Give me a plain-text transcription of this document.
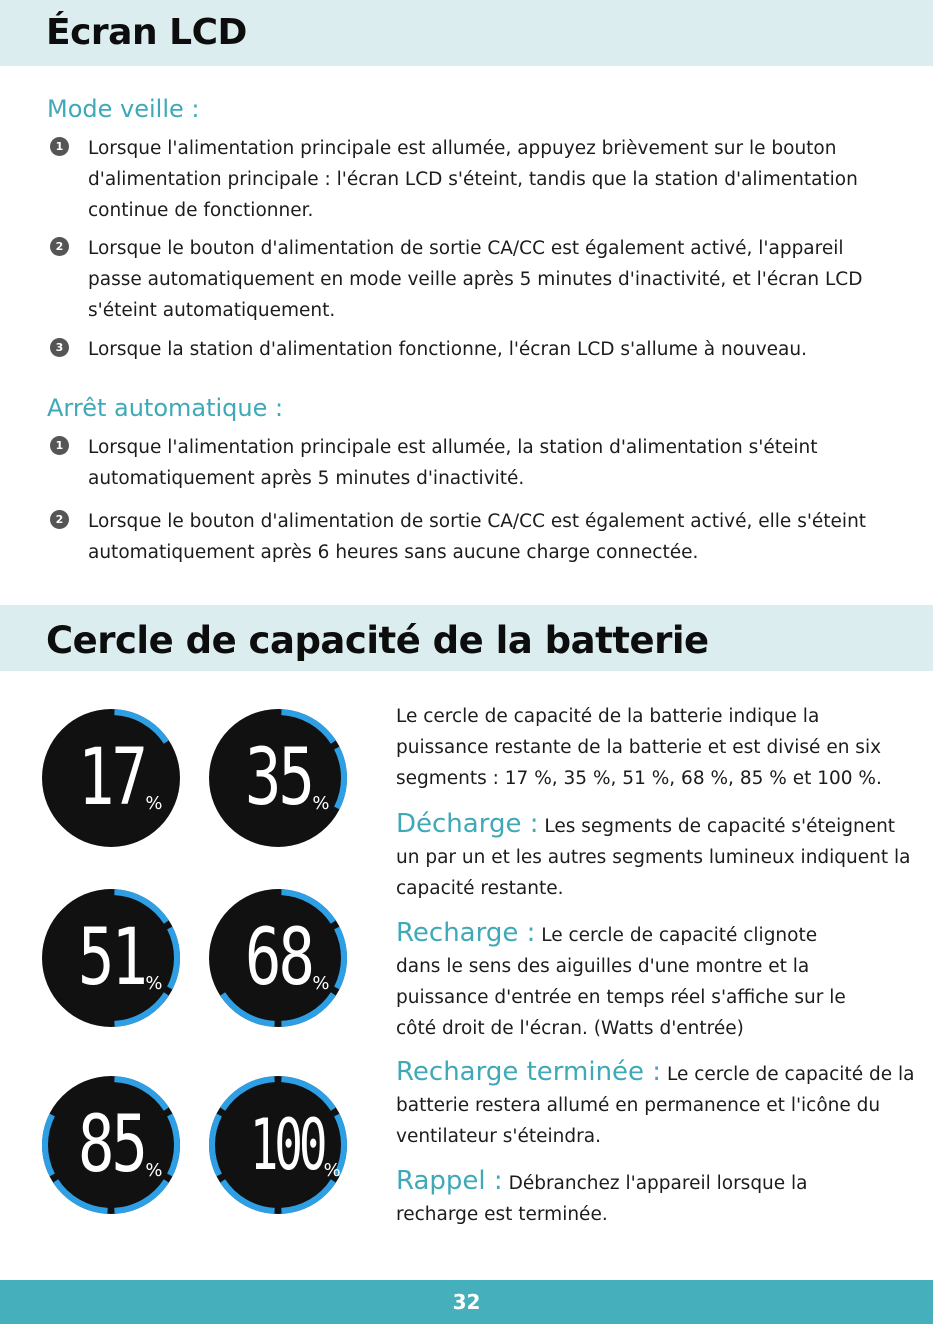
Écran LCD
Mode veille :
1	Lorsque l'alimentation principale est allumée, appuyez brièvement sur le bouton d'alimentation principale : l'écran LCD s'éteint, tandis que la station d'alimentation continue de fonctionner.

2	Lorsque le bouton d'alimentation de sortie CA/CC est également activé, l'appareil passe automatiquement en mode veille après 5 minutes d'inactivité, et l'écran LCD s'éteint automatiquement.

3	Lorsque la station d'alimentation fonctionne, l'écran LCD s'allume à nouveau.

Arrêt automatique :
1	Lorsque l'alimentation principale est allumée, la station d'alimentation s'éteint automatiquement après 5 minutes d'inactivité.

2	Lorsque le bouton d'alimentation de sortie CA/CC est également activé, elle s'éteint automatiquement après 6 heures sans aucune charge connectée.

Cercle de capacité de la batterie
17 % 35 %
51 % 68 %
85 % 100 %

Le cercle de capacité de la batterie indique la puissance restante de la batterie et est divisé en six segments : 17 %, 35 %, 51 %, 68 %, 85 % et 100 %.

Décharge : Les segments de capacité s'éteignent un par un et les autres segments lumineux indiquent la capacité restante.

Recharge : Le cercle de capacité clignote dans le sens des aiguilles d'une montre et la puissance d'entrée en temps réel s'affiche sur le côté droit de l'écran. (Watts d'entrée)

Recharge terminée : Le cercle de capacité de la batterie restera allumé en permanence et l'icône du ventilateur s'éteindra.

Rappel : Débranchez l'appareil lorsque la recharge est terminée.

32
